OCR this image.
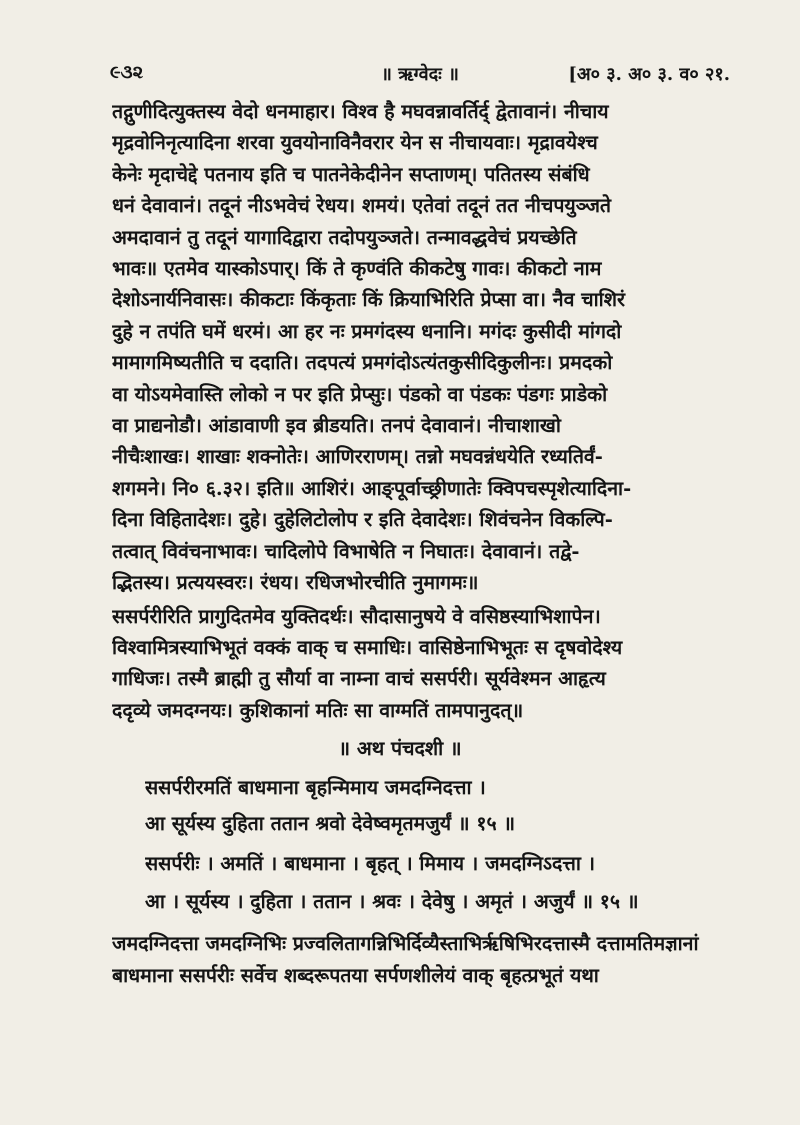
૯૩૨	॥ ऋग्वेदः ॥	[अ० ३. अ० ३. व० २१.
तद्गुणीदित्युक्तस्य वेदो धनमाहार। विश्व है मघवन्नावर्तिर्द् द्वेतावानं। नीचाय
मृद्रवोनिनृत्यादिना शरवा युवयोनाविनैवरार येन स नीचायवाः। मृद्रावयेश्च
केनेः मृदाचेद्दे पतनाय इति च पातनेकेदीनेन सप्ताणम्। पतितस्य संबंधि
धनं देवावानं। तदूनं नीऽभवेचं रेधय। शमयं। एतेवां तदूनं तत नीचपयुञ्जते
अमदावानं तु तदूनं यागादिद्वारा तदोपयुञ्जते। तन्मावद्धवेचं प्रयच्छेति
भावः॥ एतमेव यास्कोऽपार्। किं ते कृण्वंति कीकटेषु गावः। कीकटो नाम
देशोऽनार्यनिवासः। कीकटाः किंकृताः किं क्रियाभिरिति प्रेप्सा वा। नैव चाशिरं
दुहे न तपंति घमें धरमं। आ हर नः प्रमगंदस्य धनानि। मगंदः कुसीदी मांगदो
मामागमिष्यतीति च ददाति। तदपत्यं प्रमगंदोऽत्यंतकुसीदिकुलीनः। प्रमदको
वा योऽयमेवास्ति लोको न पर इति प्रेप्सुः। पंडको वा पंडकः पंडगः प्राडेको
वा प्राद्यनोडौ। आंडावाणी इव ब्रीडयति। तनपं देवावानं। नीचाशाखो
नीचैःशाखः। शाखाः शक्नोतेः। आणिरराणम्। तन्नो मघवन्नंधयेति रध्यतिर्वं-
शगमने। नि० ६.३२। इति॥ आशिरं। आङ्पूर्वाच्छ्रीणातेः क्विपचस्पृशेत्यादिना-
दिना विहितादेशः। दुहे। दुहेलिटोलोप र इति देवादेशः। शिवंचनेन विकल्पि-
तत्वात् विवंचनाभावः। चादिलोपे विभाषेति न निघातः। देवावानं। तद्वे-
द्भितस्य। प्रत्ययस्वरः। रंधय। रधिजभोरचीति नुमागमः॥
ससर्परीरिति प्रागुदितमेव युक्तिदर्थः। सौदासानुषये वे वसिष्ठस्याभिशापेन।
विश्वामित्रस्याभिभूतं वक्कं वाक् च समाधिः। वासिष्ठेनाभिभूतः स दृषवोदेश्य
गाधिजः। तस्मै ब्राह्मी तु सौर्या वा नाम्ना वाचं ससर्परी। सूर्यवेश्मन आहृत्य
ददृव्ये जमदग्नयः। कुशिकानां मतिः सा वाग्मतिं तामपानुदत्॥
॥ अथ पंचदशी ॥
ससर्परीरमतिं बाधमाना बृहन्मिमाय जमदग्निदत्ता ।
आ सूर्यस्य दुहिता ततान श्रवो देवेष्वमृतमजुर्यं ॥ १५ ॥
ससर्परीः । अमतिं । बाधमाना । बृहत् । मिमाय । जमदग्निऽदत्ता ।
आ । सूर्यस्य । दुहिता । ततान । श्रवः । देवेषु । अमृतं । अजुर्यं ॥ १५ ॥
जमदग्निदत्ता जमदग्निभिः प्रज्वलितागन्निभिर्दिव्यैस्ताभिर्ऋषिभिरदत्तास्मै दत्तामतिमज्ञानां
बाधमाना ससर्परीः सर्वेच शब्दरूपतया सर्पणशीलेयं वाक् बृहत्प्रभूतं यथा
